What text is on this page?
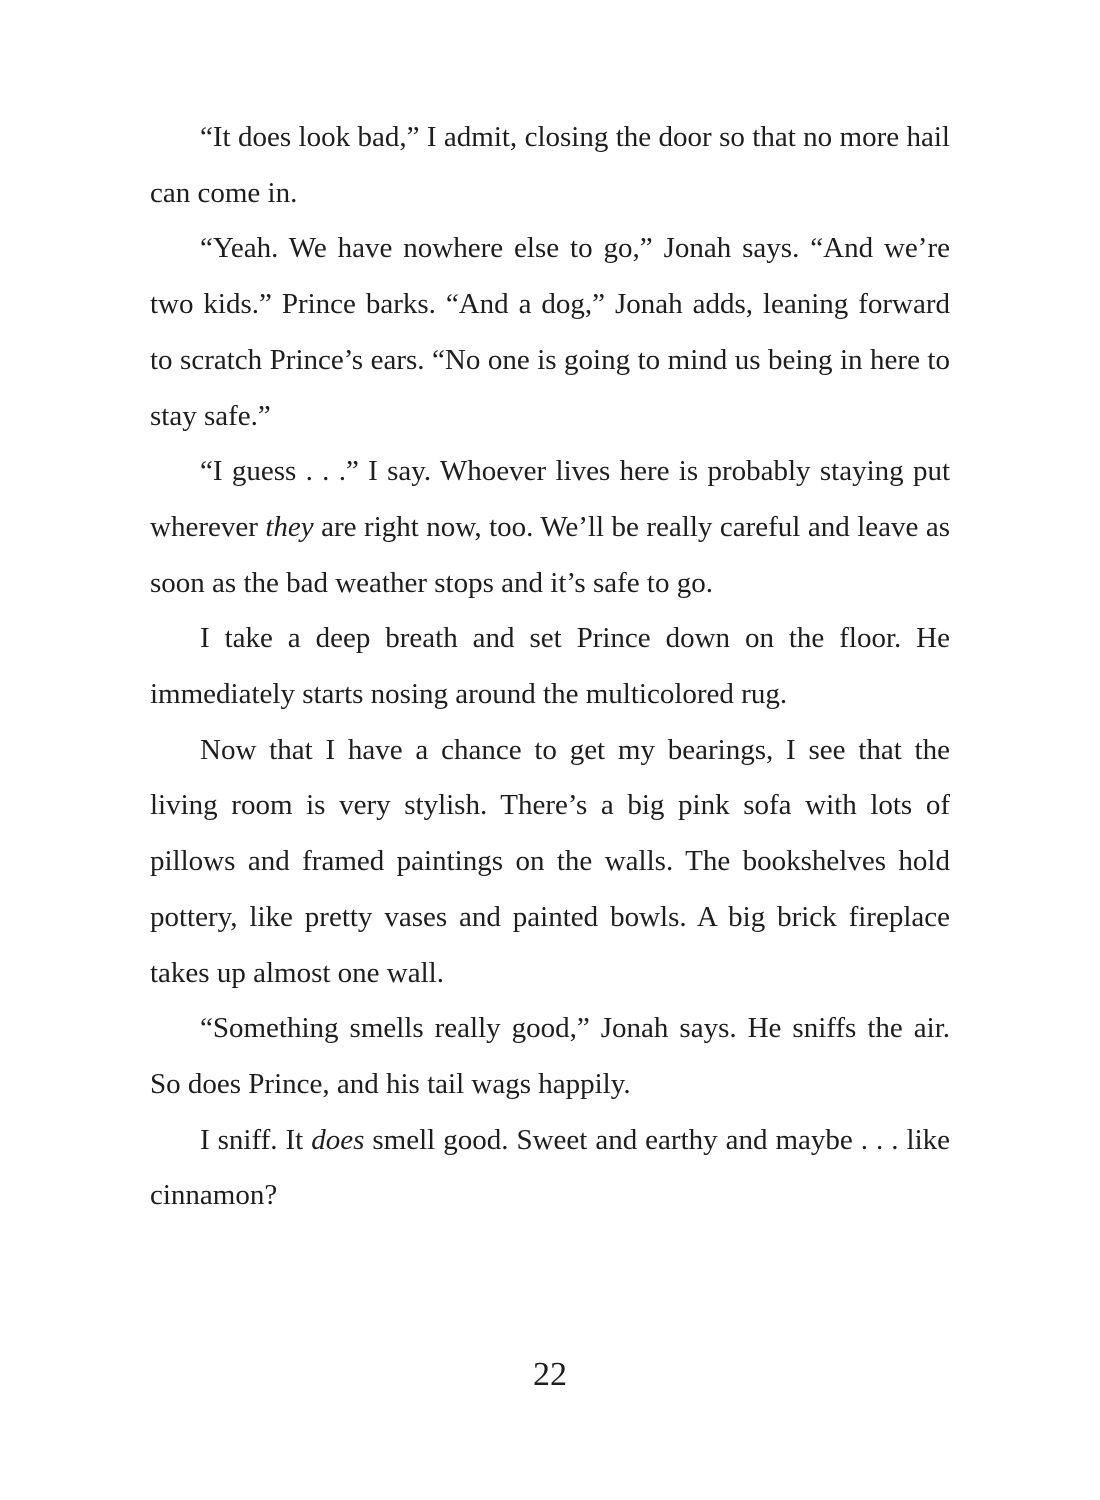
“It does look bad,” I admit, closing the door so that no more hail can come in.

“Yeah. We have nowhere else to go,” Jonah says. “And we’re two kids.” Prince barks. “And a dog,” Jonah adds, leaning forward to scratch Prince’s ears. “No one is going to mind us being in here to stay safe.”

“I guess . . .” I say. Whoever lives here is probably staying put wherever they are right now, too. We’ll be really careful and leave as soon as the bad weather stops and it’s safe to go.

I take a deep breath and set Prince down on the floor. He immediately starts nosing around the multicolored rug.

Now that I have a chance to get my bearings, I see that the living room is very stylish. There’s a big pink sofa with lots of pillows and framed paintings on the walls. The bookshelves hold pottery, like pretty vases and painted bowls. A big brick fireplace takes up almost one wall.

“Something smells really good,” Jonah says. He sniffs the air. So does Prince, and his tail wags happily.

I sniff. It does smell good. Sweet and earthy and maybe . . . like cinnamon?

22
